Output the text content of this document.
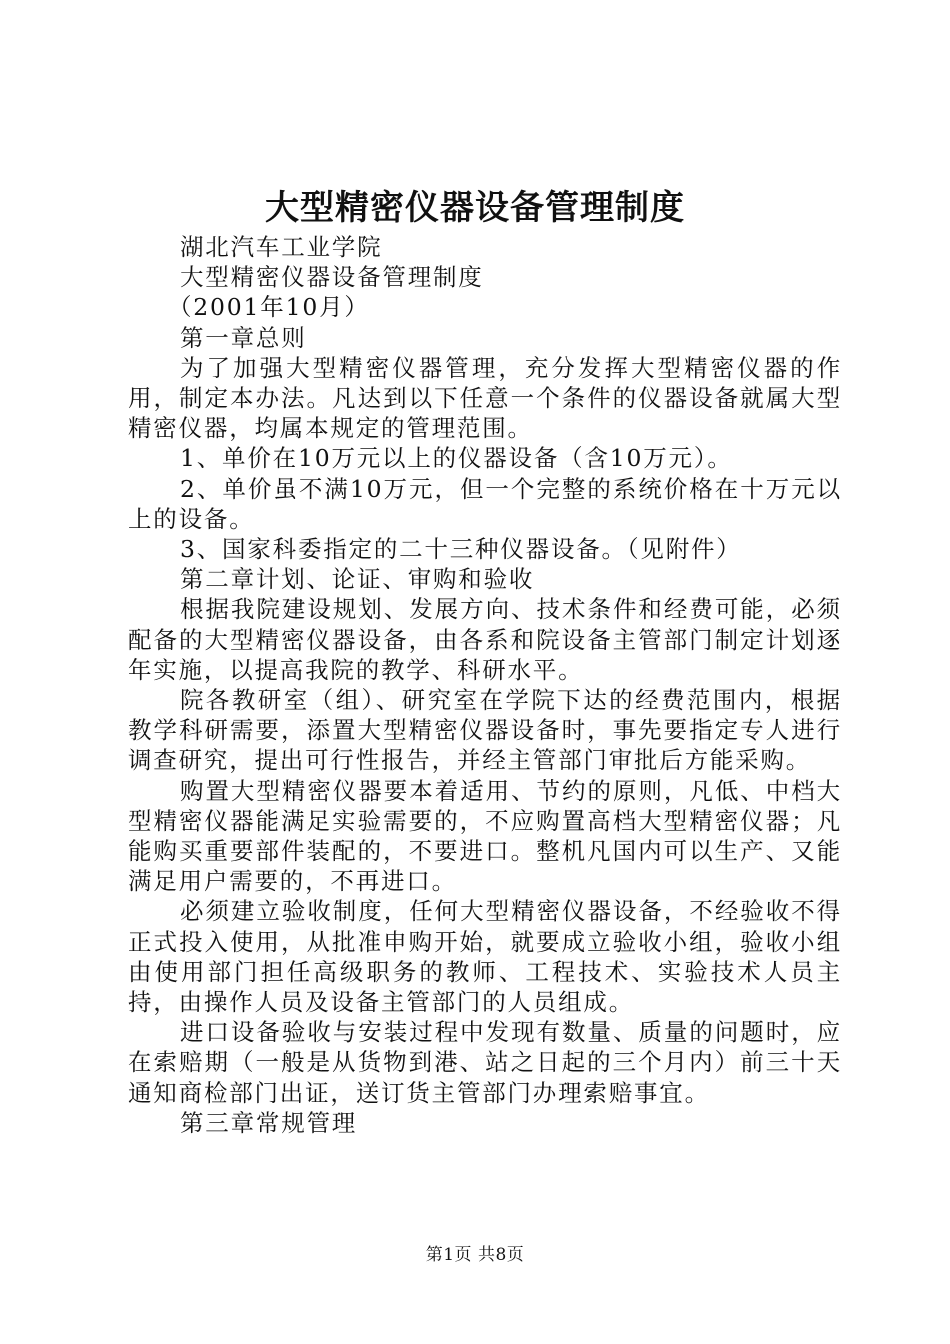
大型精密仪器设备管理制度
湖北汽车工业学院
大型精密仪器设备管理制度
（2001年10月）
第一章总则
为了加强大型精密仪器管理，充分发挥大型精密仪器的作用，制定本办法。凡达到以下任意一个条件的仪器设备就属大型精密仪器，均属本规定的管理范围。
1、单价在10万元以上的仪器设备（含10万元）。
2、单价虽不满10万元，但一个完整的系统价格在十万元以上的设备。
3、国家科委指定的二十三种仪器设备。（见附件）
第二章计划、论证、审购和验收
根据我院建设规划、发展方向、技术条件和经费可能，必须配备的大型精密仪器设备，由各系和院设备主管部门制定计划逐年实施，以提高我院的教学、科研水平。
院各教研室（组）、研究室在学院下达的经费范围内，根据教学科研需要，添置大型精密仪器设备时，事先要指定专人进行调查研究，提出可行性报告，并经主管部门审批后方能采购。
购置大型精密仪器要本着适用、节约的原则，凡低、中档大型精密仪器能满足实验需要的，不应购置高档大型精密仪器；凡能购买重要部件装配的，不要进口。整机凡国内可以生产、又能满足用户需要的，不再进口。
必须建立验收制度，任何大型精密仪器设备，不经验收不得正式投入使用，从批准申购开始，就要成立验收小组，验收小组由使用部门担任高级职务的教师、工程技术、实验技术人员主持，由操作人员及设备主管部门的人员组成。
进口设备验收与安装过程中发现有数量、质量的问题时，应在索赔期（一般是从货物到港、站之日起的三个月内）前三十天通知商检部门出证，送订货主管部门办理索赔事宜。
第三章常规管理
第1页 共8页
